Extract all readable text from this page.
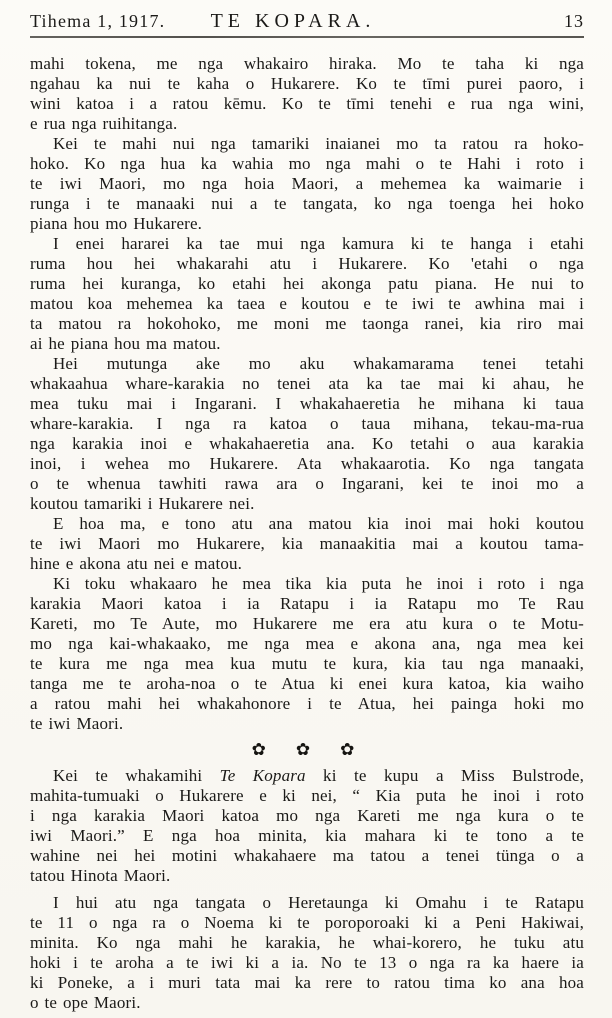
Tihema 1, 1917.	TE KOPARA.	13
mahi tokena, me nga whakairo hiraka. Mo te taha ki nga
ngahau ka nui te kaha o Hukarere. Ko te tīmi purei paoro, i
wini katoa i a ratou kēmu. Ko te tīmi tenehi e rua nga wini,
e rua nga ruihitanga.
Kei te mahi nui nga tamariki inaianei mo ta ratou ra hoko-
hoko. Ko nga hua ka wahia mo nga mahi o te Hahi i roto i
te iwi Maori, mo nga hoia Maori, a mehemea ka waimarie i
runga i te manaaki nui a te tangata, ko nga toenga hei hoko
piana hou mo Hukarere.
I enei hararei ka tae mui nga kamura ki te hanga i etahi
ruma hou hei whakarahi atu i Hukarere. Ko 'etahi o nga
ruma hei kuranga, ko etahi hei akonga patu piana. He nui to
matou koa mehemea ka taea e koutou e te iwi te awhina mai i
ta matou ra hokohoko, me moni me taonga ranei, kia riro mai
ai he piana hou ma matou.
Hei mutunga ake mo aku whakamarama tenei tetahi
whakaahua whare-karakia no tenei ata ka tae mai ki ahau, he
mea tuku mai i Ingarani. I whakahaeretia he mihana ki taua
whare-karakia. I nga ra katoa o taua mihana, tekau-ma-rua
nga karakia inoi e whakahaeretia ana. Ko tetahi o aua karakia
inoi, i wehea mo Hukarere. Ata whakaarotia. Ko nga tangata
o te whenua tawhiti rawa ara o Ingarani, kei te inoi mo a
koutou tamariki i Hukarere nei.
E hoa ma, e tono atu ana matou kia inoi mai hoki koutou
te iwi Maori mo Hukarere, kia manaakitia mai a koutou tama-
hine e akona atu nei e matou.
Ki toku whakaaro he mea tika kia puta he inoi i roto i nga
karakia Maori katoa i ia Ratapu i ia Ratapu mo Te Rau
Kareti, mo Te Aute, mo Hukarere me era atu kura o te Motu-
mo nga kai-whakaako, me nga mea e akona ana, nga mea kei
te kura me nga mea kua mutu te kura, kia tau nga manaaki,
tanga me te aroha-noa o te Atua ki enei kura katoa, kia waiho
a ratou mahi hei whakahonore i te Atua, hei painga hoki mo
te iwi Maori.
✿ ✿ ✿
Kei te whakamihi Te Kopara ki te kupu a Miss Bulstrode,
mahita-tumuaki o Hukarere e ki nei, “ Kia puta he inoi i roto
i nga karakia Maori katoa mo nga Kareti me nga kura o te
iwi Maori.” E nga hoa minita, kia mahara ki te tono a te
wahine nei hei motini whakahaere ma tatou a tenei tünga o a
tatou Hinota Maori.
I hui atu nga tangata o Heretaunga ki Omahu i te Ratapu
te 11 o nga ra o Noema ki te poroporoaki ki a Peni Hakiwai,
minita. Ko nga mahi he karakia, he whai-korero, he tuku atu
hoki i te aroha a te iwi ki a ia. No te 13 o nga ra ka haere ia
ki Poneke, a i muri tata mai ka rere to ratou tima ko ana hoa
o te ope Maori.
